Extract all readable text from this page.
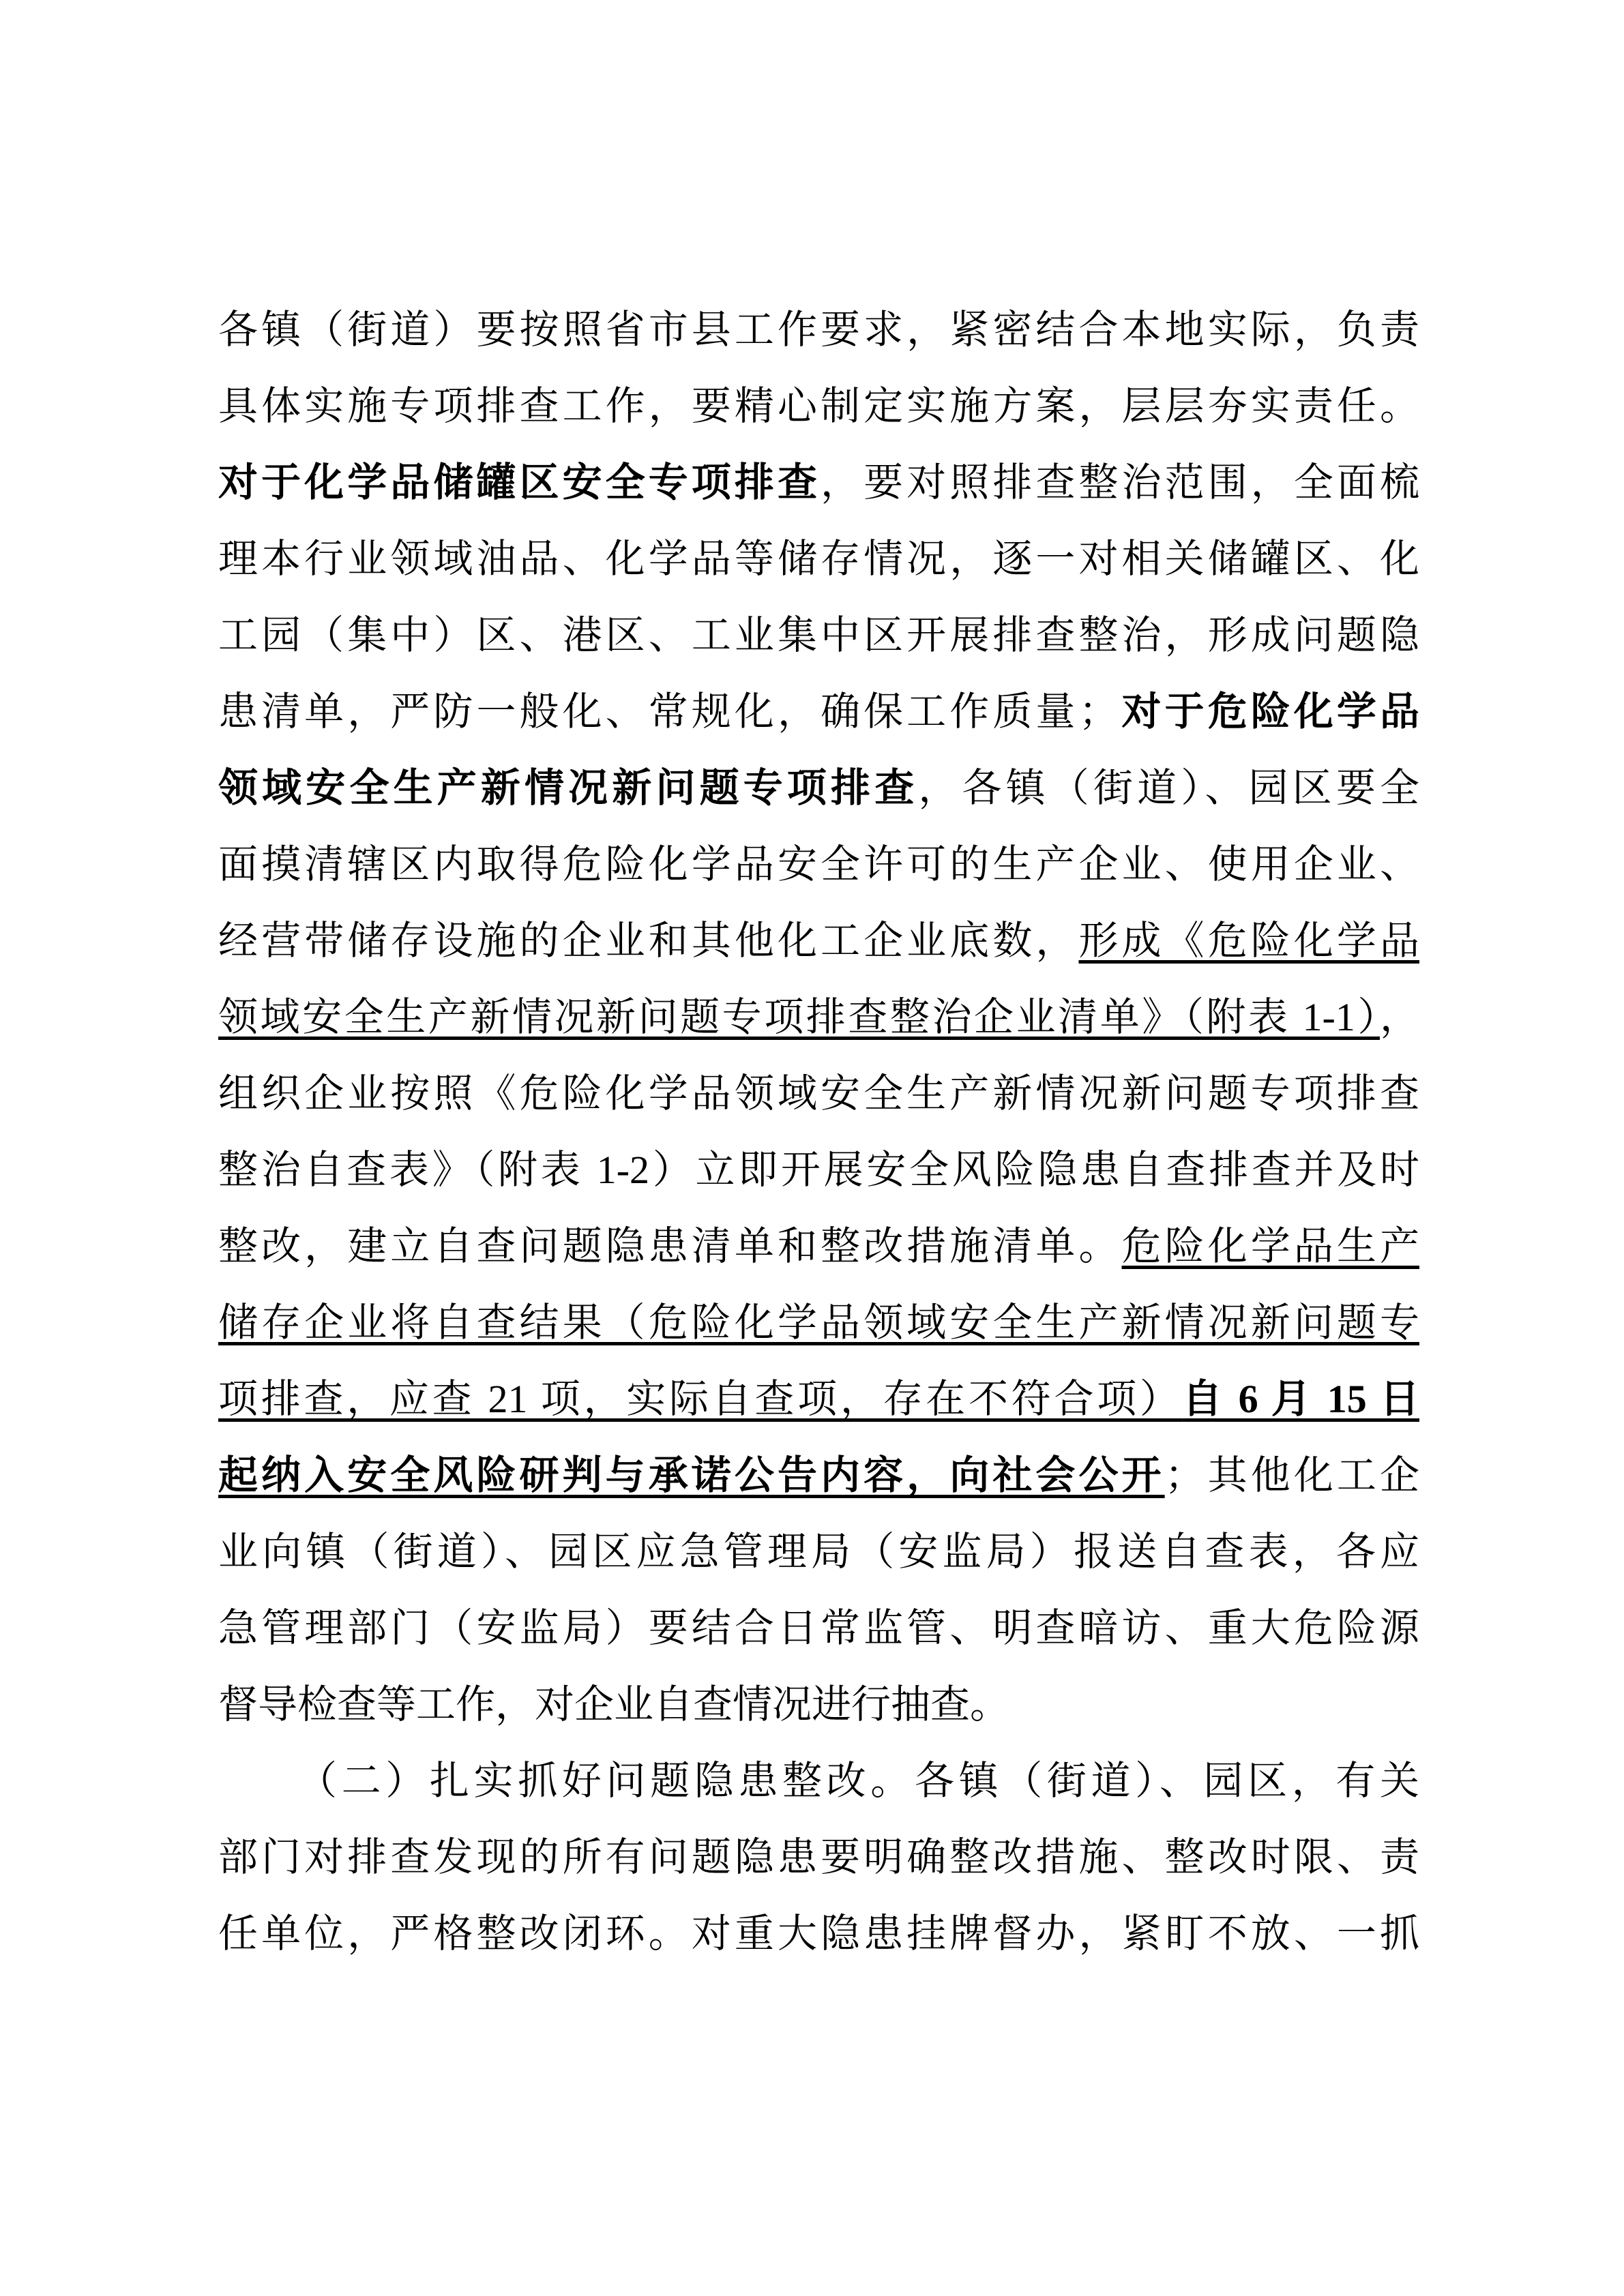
各镇（街道）要按照省市县工作要求，紧密结合本地实际，负责
具体实施专项排查工作，要精心制定实施方案，层层夯实责任。
对于化学品储罐区安全专项排查，要对照排查整治范围，全面梳
理本行业领域油品、化学品等储存情况，逐一对相关储罐区、化
工园（集中）区、港区、工业集中区开展排查整治，形成问题隐
患清单，严防一般化、常规化，确保工作质量；对于危险化学品
领域安全生产新情况新问题专项排查，各镇（街道）、园区要全
面摸清辖区内取得危险化学品安全许可的生产企业、使用企业、
经营带储存设施的企业和其他化工企业底数，形成《危险化学品
领域安全生产新情况新问题专项排查整治企业清单》（附表 1-1），
组织企业按照《危险化学品领域安全生产新情况新问题专项排查
整治自查表》（附表 1-2）立即开展安全风险隐患自查排查并及时
整改，建立自查问题隐患清单和整改措施清单。危险化学品生产
储存企业将自查结果（危险化学品领域安全生产新情况新问题专
项排查，应查 21 项，实际自查项，存在不符合项）自 6 月 15 日
起纳入安全风险研判与承诺公告内容，向社会公开；其他化工企
业向镇（街道）、园区应急管理局（安监局）报送自查表，各应
急管理部门（安监局）要结合日常监管、明查暗访、重大危险源
督导检查等工作，对企业自查情况进行抽查。
（二）扎实抓好问题隐患整改。各镇（街道）、园区，有关
部门对排查发现的所有问题隐患要明确整改措施、整改时限、责
任单位，严格整改闭环。对重大隐患挂牌督办，紧盯不放、一抓
